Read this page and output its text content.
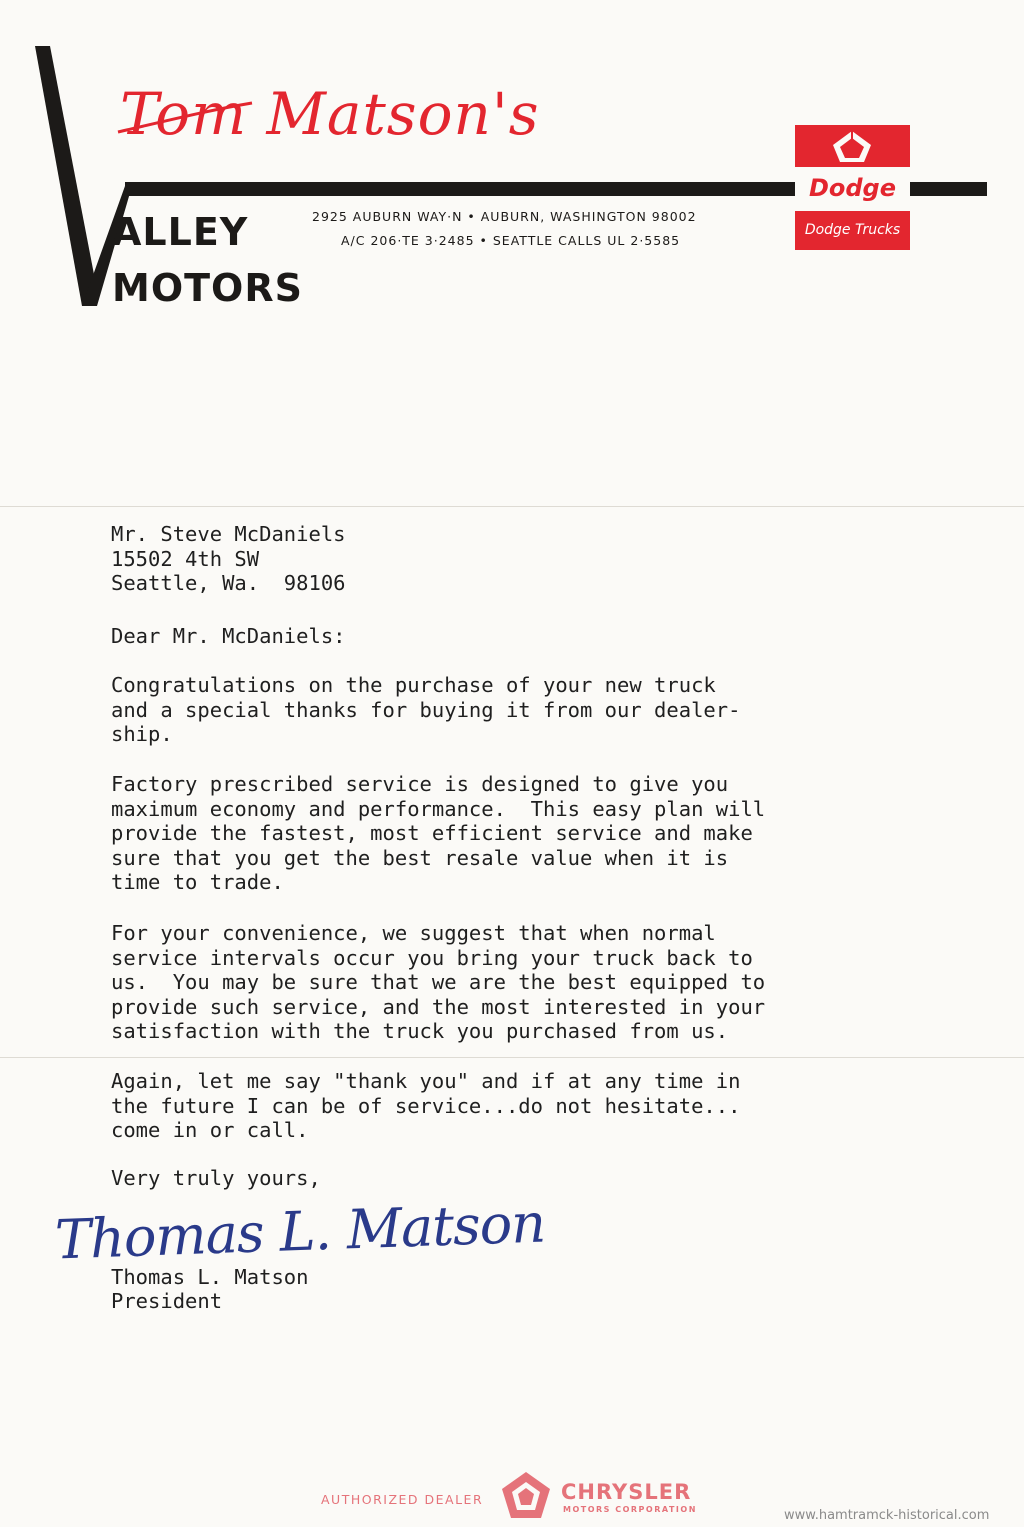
Tom Matson's
ALLEY
MOTORS
2925 AUBURN WAY·N • AUBURN, WASHINGTON 98002
A/C 206·TE 3·2485 • SEATTLE CALLS UL 2·5585
Dodge
Dodge Trucks
Mr. Steve McDaniels
15502 4th SW
Seattle, Wa.  98106
Dear Mr. McDaniels:
Congratulations on the purchase of your new truck
and a special thanks for buying it from our dealer-
ship.
Factory prescribed service is designed to give you
maximum economy and performance.  This easy plan will
provide the fastest, most efficient service and make
sure that you get the best resale value when it is
time to trade.
For your convenience, we suggest that when normal
service intervals occur you bring your truck back to
us.  You may be sure that we are the best equipped to
provide such service, and the most interested in your
satisfaction with the truck you purchased from us.
Again, let me say "thank you" and if at any time in
the future I can be of service...do not hesitate...
come in or call.
Very truly yours,
Thomas L. Matson
Thomas L. Matson
President
AUTHORIZED DEALER	CHRYSLER
MOTORS CORPORATION	www.hamtramck-historical.com
